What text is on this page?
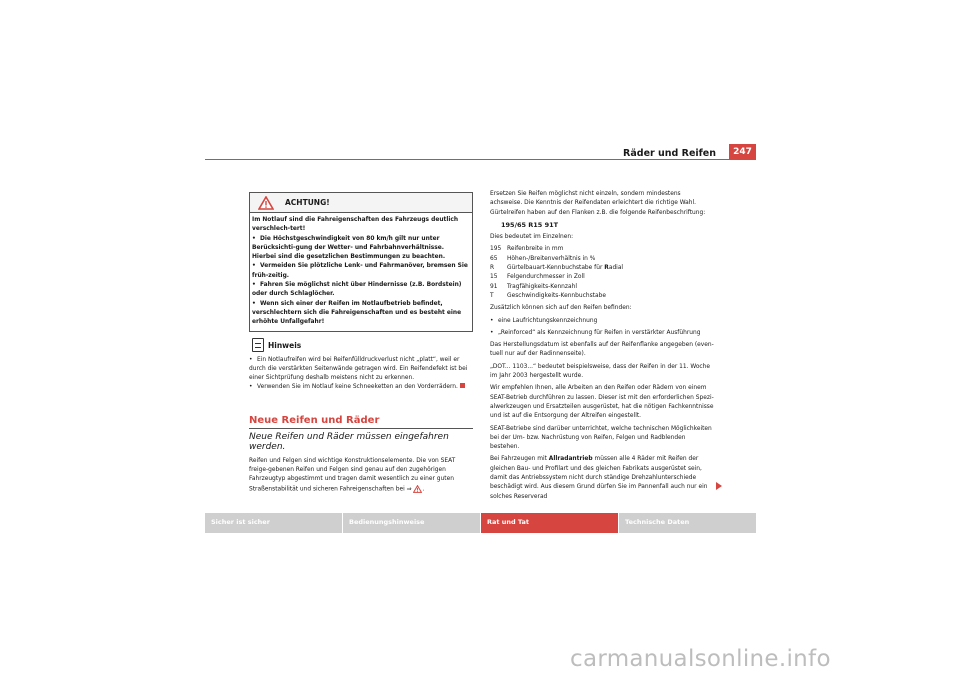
Räder und Reifen	247
ACHTUNG!

Im Notlauf sind die Fahreigenschaften des Fahrzeugs deutlich verschlech-tert!

• Die Höchstgeschwindigkeit von 80 km/h gilt nur unter Berücksichti-gung der Wetter- und Fahrbahnverhältnisse. Hierbei sind die gesetzlichen Bestimmungen zu beachten.

• Vermeiden Sie plötzliche Lenk- und Fahrmanöver, bremsen Sie früh-zeitig.

• Fahren Sie möglichst nicht über Hindernisse (z.B. Bordstein) oder durch Schlaglöcher.

• Wenn sich einer der Reifen im Notlaufbetrieb befindet, verschlechtern sich die Fahreigenschaften und es besteht eine erhöhte Unfallgefahr!

Hinweis

• Ein Notlaufreifen wird bei Reifenfülldruckverlust nicht „platt“, weil er durch die verstärkten Seitenwände getragen wird. Ein Reifendefekt ist bei einer Sichtprüfung deshalb meistens nicht zu erkennen.

• Verwenden Sie im Notlauf keine Schneeketten an den Vorderrädern.

Neue Reifen und Räder
Neue Reifen und Räder müssen eingefahren werden.
Reifen und Felgen sind wichtige Konstruktionselemente. Die von SEAT freige-gebenen Reifen und Felgen sind genau auf den zugehörigen Fahrzeugtyp abgestimmt und tragen damit wesentlich zu einer guten Straßenstabilität und sicheren Fahreigenschaften bei ⇒ .

Ersetzen Sie Reifen möglichst nicht einzeln, sondern mindestens achsweise. Die Kenntnis der Reifendaten erleichtert die richtige Wahl. Gürtelreifen haben auf den Flanken z.B. die folgende Reifenbeschriftung:

195/65 R15 91T

Dies bedeutet im Einzelnen:

195 Reifenbreite in mm
65	Höhen-/Breitenverhältnis in %
R	Gürtelbauart-Kennbuchstabe für Radial
15	Felgendurchmesser in Zoll
91	Tragfähigkeits-Kennzahl
T	Geschwindigkeits-Kennbuchstabe

Zusätzlich können sich auf den Reifen befinden:

• eine Laufrichtungskennzeichnung

• „Reinforced“ als Kennzeichnung für Reifen in verstärkter Ausführung

Das Herstellungsdatum ist ebenfalls auf der Reifenflanke angegeben (even-tuell nur auf der Radinnenseite).

„DOT... 1103...“ bedeutet beispielsweise, dass der Reifen in der 11. Woche im Jahr 2003 hergestellt wurde.

Wir empfehlen Ihnen, alle Arbeiten an den Reifen oder Rädern von einem SEAT-Betrieb durchführen zu lassen. Dieser ist mit den erforderlichen Spezi-alwerkzeugen und Ersatzteilen ausgerüstet, hat die nötigen Fachkenntnisse und ist auf die Entsorgung der Altreifen eingestellt.

SEAT-Betriebe sind darüber unterrichtet, welche technischen Möglichkeiten bei der Um- bzw. Nachrüstung von Reifen, Felgen und Radblenden bestehen.

Bei Fahrzeugen mit Allradantrieb müssen alle 4 Räder mit Reifen der gleichen Bau- und Profilart und des gleichen Fabrikats ausgerüstet sein, damit das Antriebssystem nicht durch ständige Drehzahlunterschiede beschädigt wird. Aus diesem Grund dürfen Sie im Pannenfall auch nur ein solches Reserverad

Sicher ist sicher	Bedienungshinweise	Rat und Tat	Technische Daten
carmanualsonline.info
